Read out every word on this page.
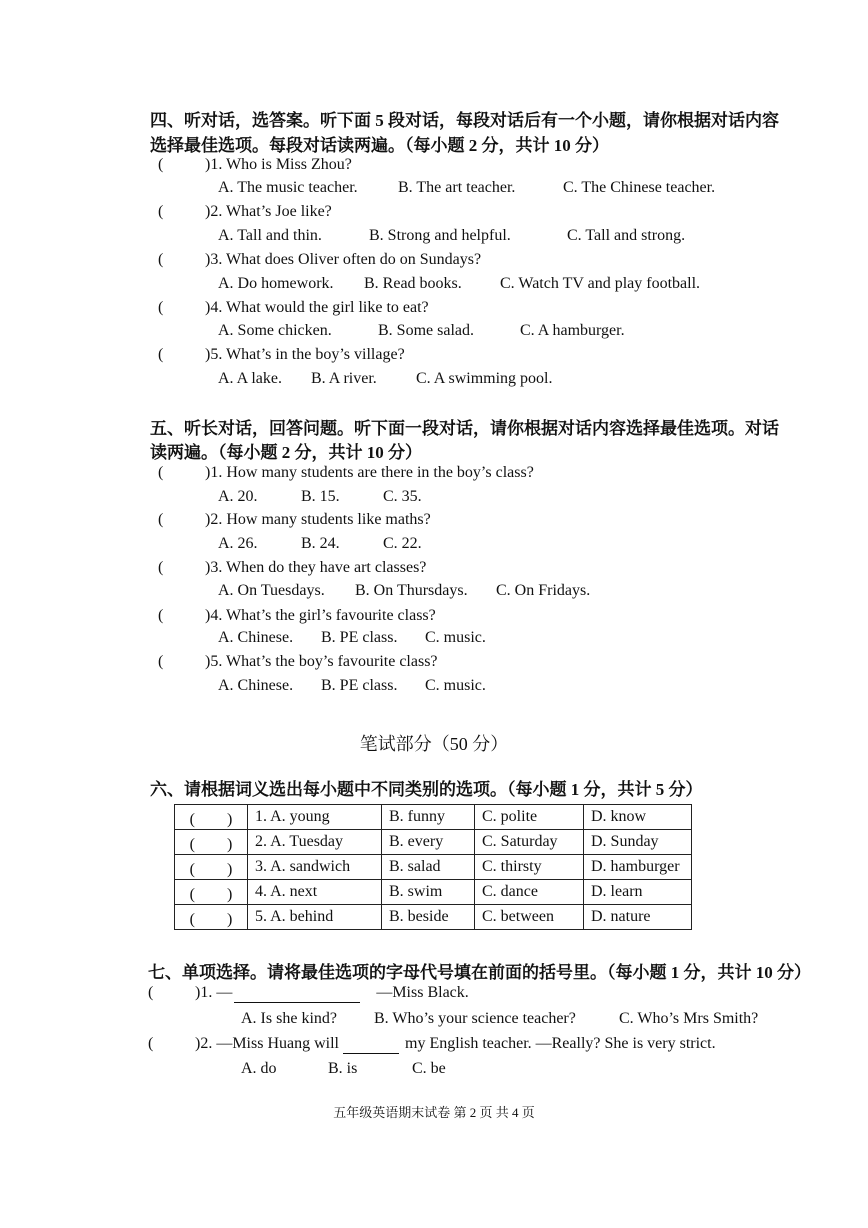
四、听对话，选答案。听下面 5 段对话，每段对话后有一个小题，请你根据对话内容
选择最佳选项。每段对话读两遍。（每小题 2 分，共计 10 分）
(	)1. Who is Miss Zhou?
A. The music teacher.	B. The art teacher.	C. The Chinese teacher.
(	)2. What’s Joe like?
A. Tall and thin.	B. Strong and helpful.	C. Tall and strong.
(	)3. What does Oliver often do on Sundays?
A. Do homework. B. Read books. C. Watch TV and play football.
(	)4. What would the girl like to eat?
A. Some chicken.	B. Some salad.	C. A hamburger.
(	)5. What’s in the boy’s village?
A. A lake. B. A river. C. A swimming pool.
五、听长对话，回答问题。听下面一段对话，请你根据对话内容选择最佳选项。对话
读两遍。（每小题 2 分，共计 10 分）
(	)1. How many students are there in the boy’s class?
A. 20.	B. 15.	C. 35.
(	)2. How many students like maths?
A. 26.	B. 24.	C. 22.
(	)3. When do they have art classes?
A. On Tuesdays. B. On Thursdays. C. On Fridays.
(	)4. What’s the girl’s favourite class?
A. Chinese. B. PE class. C. music.
(	)5. What’s the boy’s favourite class?
A. Chinese. B. PE class. C. music.
笔试部分（50 分）
六、请根据词义选出每小题中不同类别的选项。（每小题 1 分，共计 5 分）
(　　)	1. A. young	B. funny	C. polite	D. know
(　　)	2. A. Tuesday	B. every	C. Saturday	D. Sunday
(　　)	3. A. sandwich	B. salad	C. thirsty	D. hamburger
(　　)	4. A. next	B. swim	C. dance	D. learn
(　　)	5. A. behind	B. beside	C. between	D. nature
七、单项选择。请将最佳选项的字母代号填在前面的括号里。（每小题 1 分，共计 10 分）
(	)1. —	—Miss Black.
A. Is she kind? B. Who’s your science teacher?	C. Who’s Mrs Smith?
(	)2. —Miss Huang will	my English teacher. —Really? She is very strict.
A. do	B. is	C. be
五年级英语期末试卷 第 2 页 共 4 页
